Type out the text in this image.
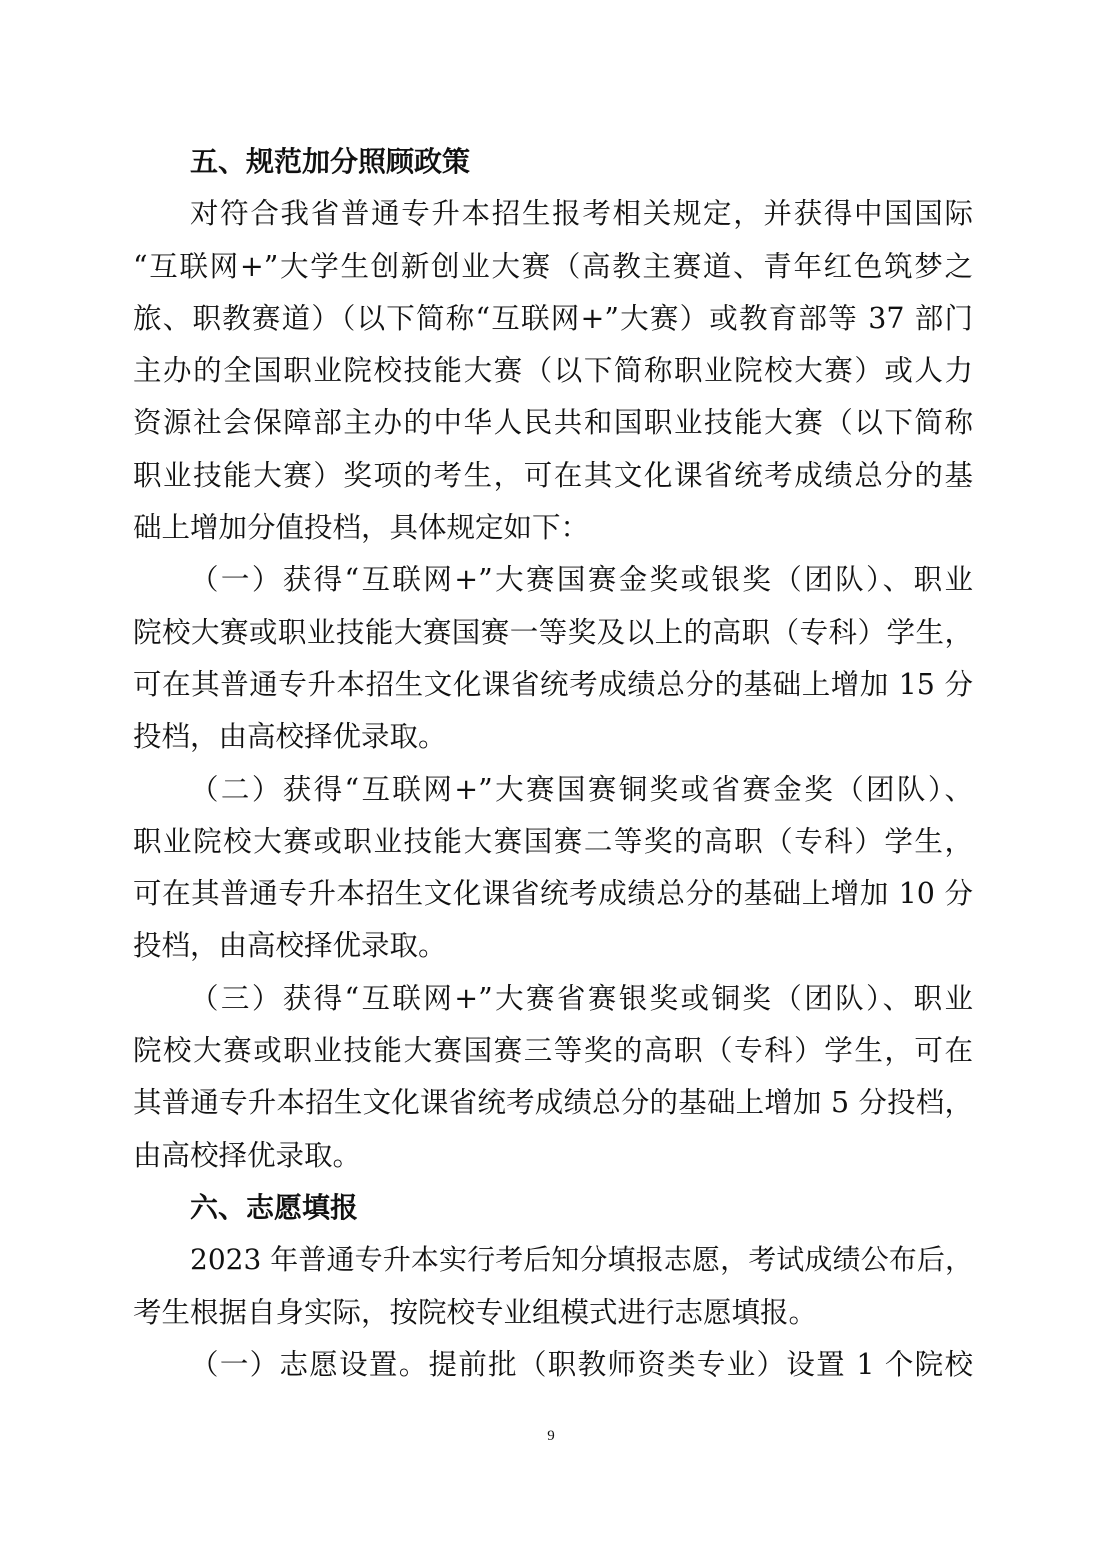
五、规范加分照顾政策
对符合我省普通专升本招生报考相关规定，并获得中国国际
“互联网+”大学生创新创业大赛（高教主赛道、青年红色筑梦之
旅、职教赛道）（以下简称“互联网+”大赛）或教育部等 37 部门
主办的全国职业院校技能大赛（以下简称职业院校大赛）或人力
资源社会保障部主办的中华人民共和国职业技能大赛（以下简称
职业技能大赛）奖项的考生，可在其文化课省统考成绩总分的基
础上增加分值投档，具体规定如下：
（一）获得“互联网+”大赛国赛金奖或银奖（团队）、职业
院校大赛或职业技能大赛国赛一等奖及以上的高职（专科）学生，
可在其普通专升本招生文化课省统考成绩总分的基础上增加 15 分
投档，由高校择优录取。
（二）获得“互联网+”大赛国赛铜奖或省赛金奖（团队）、
职业院校大赛或职业技能大赛国赛二等奖的高职（专科）学生，
可在其普通专升本招生文化课省统考成绩总分的基础上增加 10 分
投档，由高校择优录取。
（三）获得“互联网+”大赛省赛银奖或铜奖（团队）、职业
院校大赛或职业技能大赛国赛三等奖的高职（专科）学生，可在
其普通专升本招生文化课省统考成绩总分的基础上增加 5 分投档，
由高校择优录取。
六、志愿填报
2023 年普通专升本实行考后知分填报志愿，考试成绩公布后，
考生根据自身实际，按院校专业组模式进行志愿填报。
（一）志愿设置。提前批（职教师资类专业）设置 1 个院校
9
